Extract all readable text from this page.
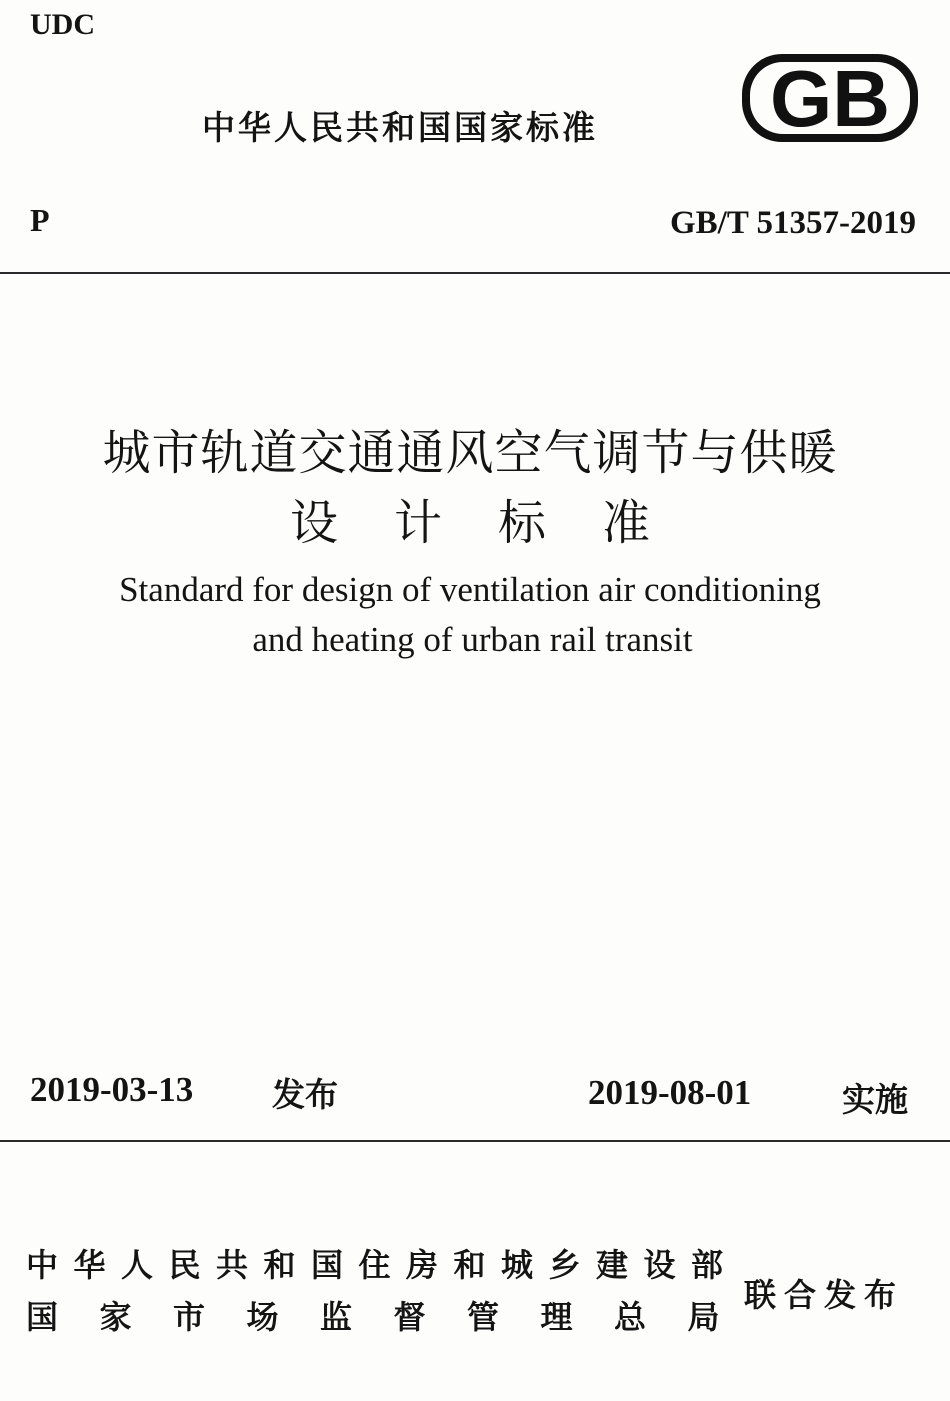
UDC
中华人民共和国国家标准 GB
P	GB/T 51357-2019
城市轨道交通通风空气调节与供暖
设计标准
Standard for design of ventilation air conditioning
and heating of urban rail transit
2019-03-13 发布	2019-08-01	实施
中华人民共和国住房和城乡建设部
国家市场监督管理总局
联合发布
